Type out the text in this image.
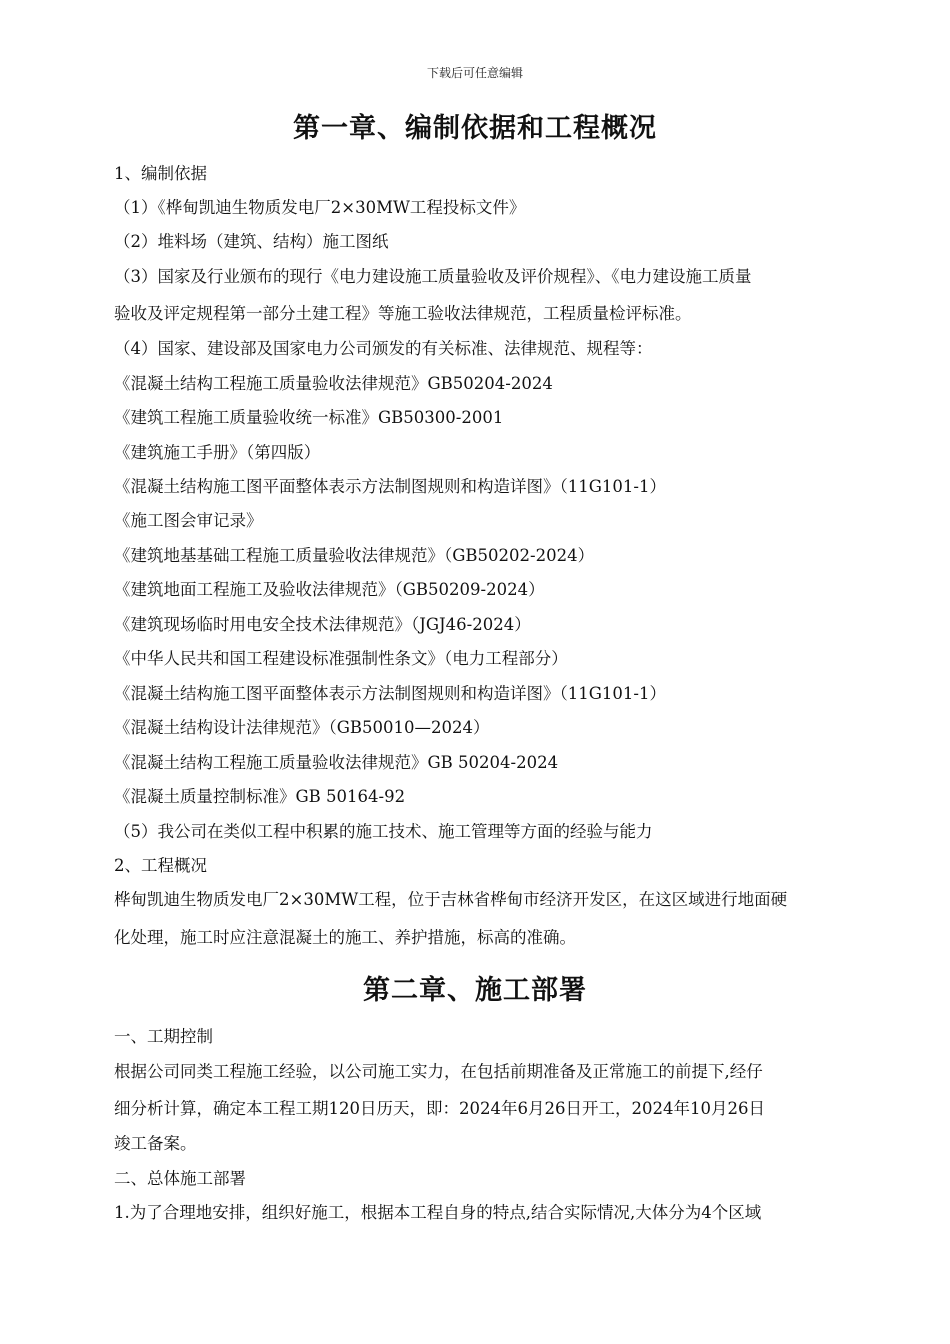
下载后可任意编辑
第一章、编制依据和工程概况
1、编制依据
（1）《桦甸凯迪生物质发电厂2×30MW工程投标文件》
（2）堆料场（建筑、结构）施工图纸
（3）国家及行业颁布的现行《电力建设施工质量验收及评价规程》、《电力建设施工质量
验收及评定规程第一部分土建工程》等施工验收法律规范，工程质量检评标准。
（4）国家、建设部及国家电力公司颁发的有关标准、法律规范、规程等：
《混凝土结构工程施工质量验收法律规范》GB50204-2024
《建筑工程施工质量验收统一标准》GB50300-2001
《建筑施工手册》（第四版）
《混凝土结构施工图平面整体表示方法制图规则和构造详图》（11G101-1）
《施工图会审记录》
《建筑地基基础工程施工质量验收法律规范》（GB50202-2024）
《建筑地面工程施工及验收法律规范》（GB50209-2024）
《建筑现场临时用电安全技术法律规范》（JGJ46-2024）
《中华人民共和国工程建设标准强制性条文》（电力工程部分）
《混凝土结构施工图平面整体表示方法制图规则和构造详图》（11G101-1）
《混凝土结构设计法律规范》（GB50010—2024）
《混凝土结构工程施工质量验收法律规范》GB 50204-2024
《混凝土质量控制标准》GB 50164-92
（5）我公司在类似工程中积累的施工技术、施工管理等方面的经验与能力
2、工程概况
桦甸凯迪生物质发电厂2×30MW工程，位于吉林省桦甸市经济开发区，在这区域进行地面硬
化处理，施工时应注意混凝土的施工、养护措施，标高的准确。
第二章、施工部署
一、工期控制
根据公司同类工程施工经验，以公司施工实力，在包括前期准备及正常施工的前提下,经仔
细分析计算，确定本工程工期120日历天，即：2024年6月26日开工，2024年10月26日
竣工备案。
二、总体施工部署
1.为了合理地安排，组织好施工，根据本工程自身的特点,结合实际情况,大体分为4个区域
